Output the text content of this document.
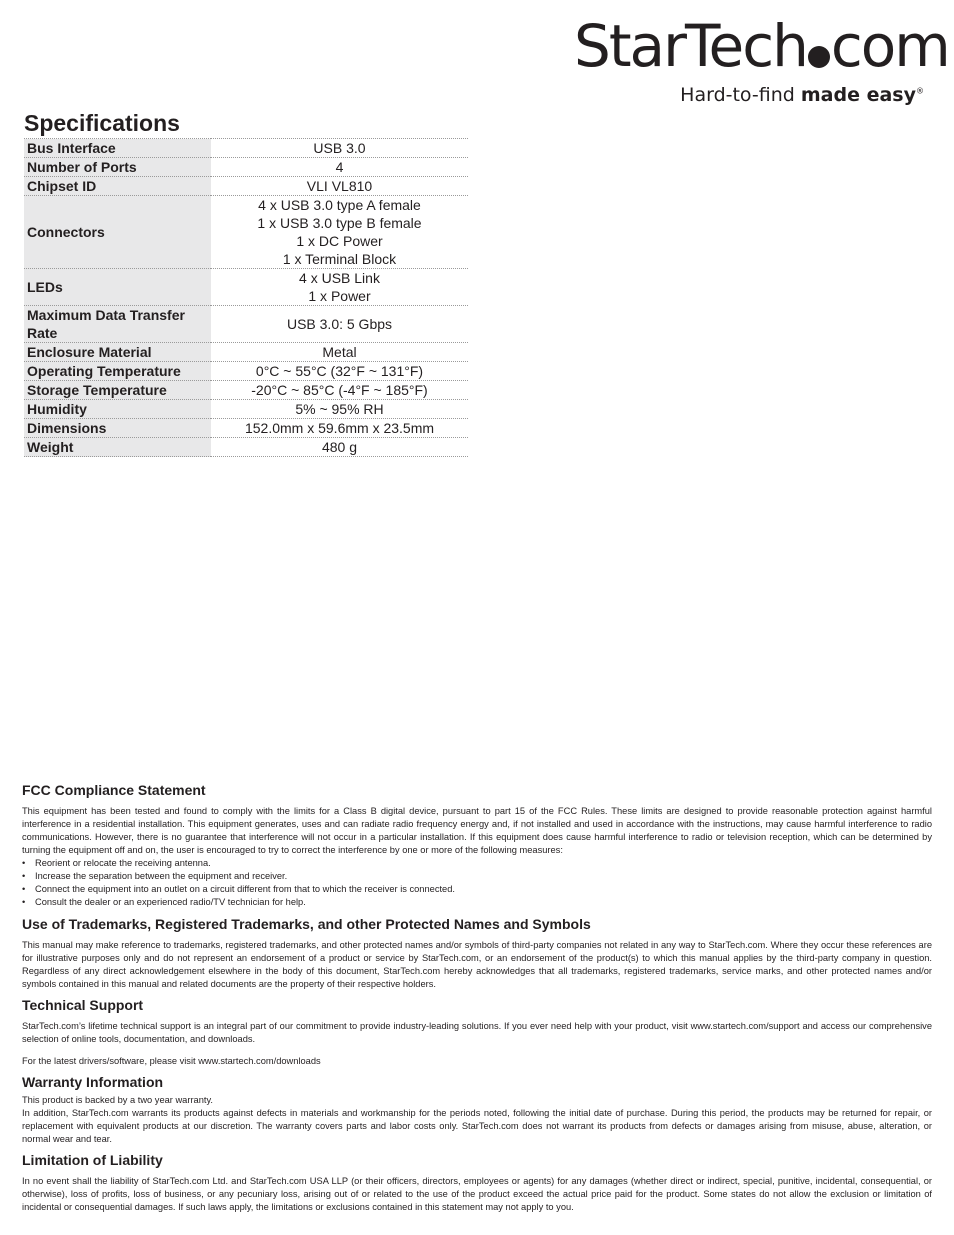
StarTech com
Hard-to-find made easy®
Specifications
Bus Interface	USB 3.0

Number of Ports	4

Chipset ID	VLI VL810

Connectors	4 x USB 3.0 type A female
1 x USB 3.0 type B female
1 x DC Power
1 x Terminal Block

LEDs	4 x USB Link
1 x Power

Maximum Data Transfer Rate	USB 3.0: 5 Gbps

Enclosure Material	Metal

Operating Temperature	0°C ~ 55°C (32°F ~ 131°F)

Storage Temperature	-20°C ~ 85°C (-4°F ~ 185°F)

Humidity	5% ~ 95% RH

Dimensions	152.0mm x 59.6mm x 23.5mm

Weight	480 g
FCC Compliance Statement

This equipment has been tested and found to comply with the limits for a Class B digital device, pursuant to part 15 of the FCC Rules. These limits are designed to provide reasonable protection against harmful interference in a residential installation. This equipment generates, uses and can radiate radio frequency energy and, if not installed and used in accordance with the instructions, may cause harmful interference to radio communications. However, there is no guarantee that interference will not occur in a particular installation. If this equipment does cause harmful interference to radio or television reception, which can be determined by turning the equipment off and on, the user is encouraged to try to correct the interference by one or more of the following measures:

• Reorient or relocate the receiving antenna.
• Increase the separation between the equipment and receiver.
• Connect the equipment into an outlet on a circuit different from that to which the receiver is connected.
• Consult the dealer or an experienced radio/TV technician for help.
Use of Trademarks, Registered Trademarks, and other Protected Names and Symbols

This manual may make reference to trademarks, registered trademarks, and other protected names and/or symbols of third-party companies not related in any way to StarTech.com. Where they occur these references are for illustrative purposes only and do not represent an endorsement of a product or service by StarTech.com, or an endorsement of the product(s) to which this manual applies by the third-party company in question. Regardless of any direct acknowledgement elsewhere in the body of this document, StarTech.com hereby acknowledges that all trademarks, registered trademarks, service marks, and other protected names and/or symbols contained in this manual and related documents are the property of their respective holders.

Technical Support

StarTech.com’s lifetime technical support is an integral part of our commitment to provide industry-leading solutions. If you ever need help with your product, visit www.startech.com/support and access our comprehensive selection of online tools, documentation, and downloads.

For the latest drivers/software, please visit www.startech.com/downloads

Warranty Information

This product is backed by a two year warranty.

In addition, StarTech.com warrants its products against defects in materials and workmanship for the periods noted, following the initial date of purchase. During this period, the products may be returned for repair, or replacement with equivalent products at our discretion. The warranty covers parts and labor costs only. StarTech.com does not warrant its products from defects or damages arising from misuse, abuse, alteration, or normal wear and tear.

Limitation of Liability

In no event shall the liability of StarTech.com Ltd. and StarTech.com USA LLP (or their officers, directors, employees or agents) for any damages (whether direct or indirect, special, punitive, incidental, consequential, or otherwise), loss of profits, loss of business, or any pecuniary loss, arising out of or related to the use of the product exceed the actual price paid for the product. Some states do not allow the exclusion or limitation of incidental or consequential damages. If such laws apply, the limitations or exclusions contained in this statement may not apply to you.
